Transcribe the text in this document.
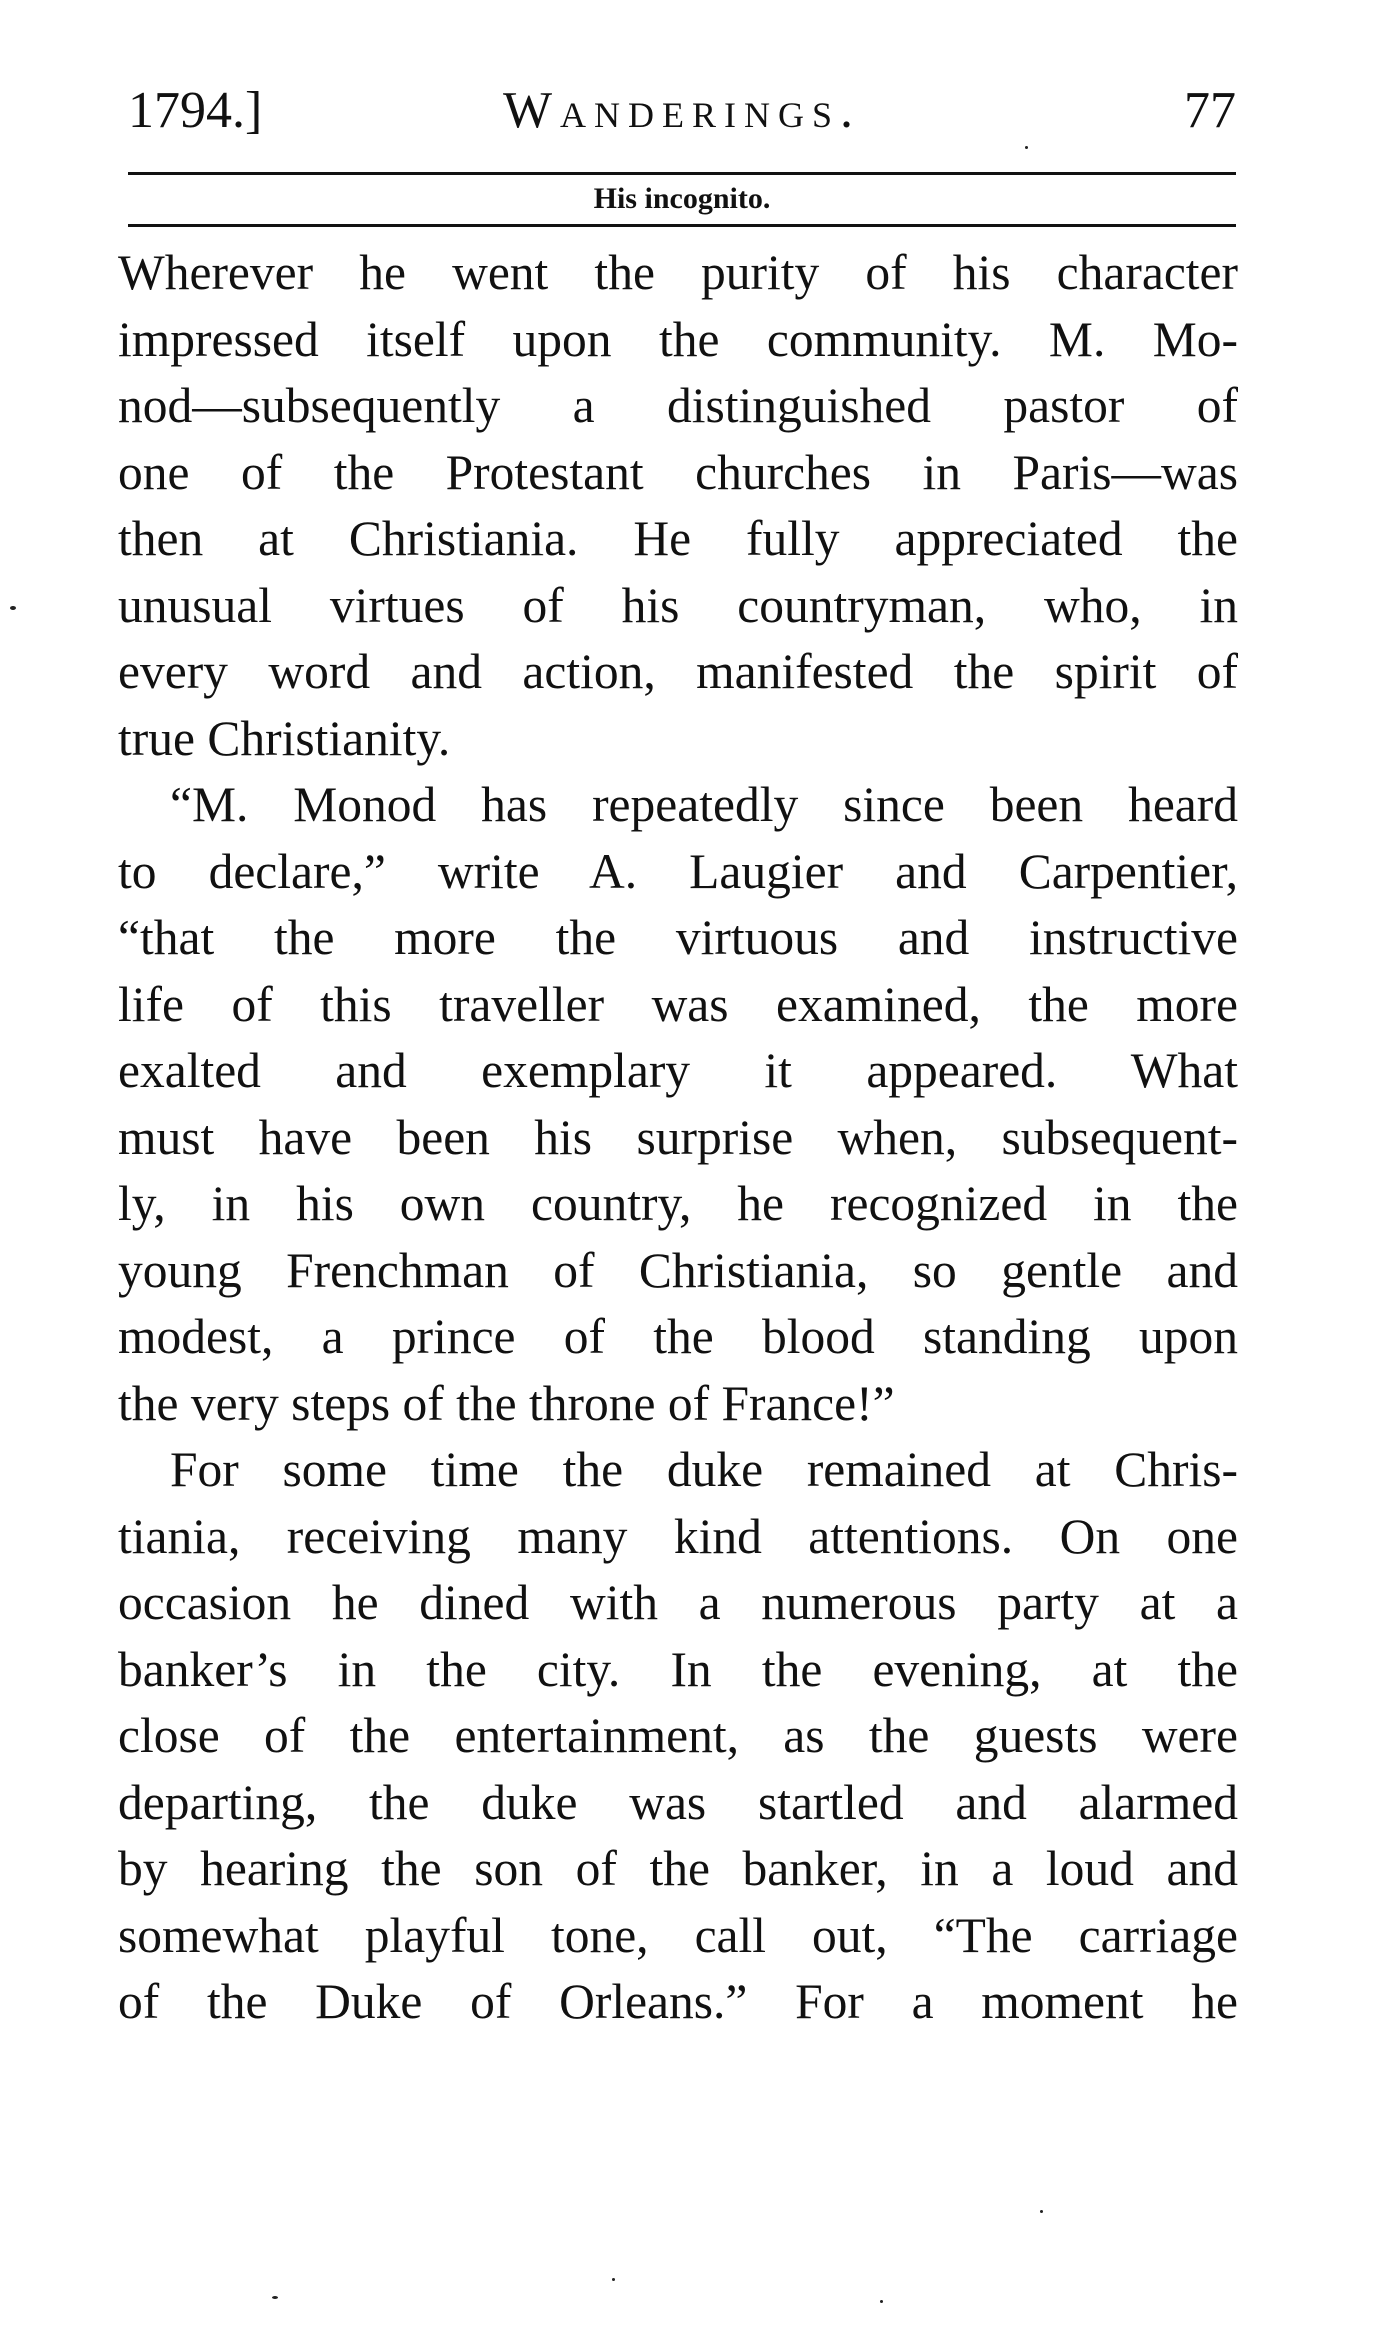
1794.]	Wanderings.	77
His incognito.

Wherever he went the purity of his character
impressed itself upon the community. M. Mo-
nod—subsequently a distinguished pastor of
one of the Protestant churches in Paris—was
then at Christiania. He fully appreciated the
unusual virtues of his countryman, who, in
every word and action, manifested the spirit of
true Christianity.

“M. Monod has repeatedly since been heard
to declare,” write A. Laugier and Carpentier,
“that the more the virtuous and instructive
life of this traveller was examined, the more
exalted and exemplary it appeared. What
must have been his surprise when, subsequent-
ly, in his own country, he recognized in the
young Frenchman of Christiania, so gentle and
modest, a prince of the blood standing upon
the very steps of the throne of France!”

For some time the duke remained at Chris-
tiania, receiving many kind attentions. On one
occasion he dined with a numerous party at a
banker’s in the city. In the evening, at the
close of the entertainment, as the guests were
departing, the duke was startled and alarmed
by hearing the son of the banker, in a loud and
somewhat playful tone, call out, “The carriage
of the Duke of Orleans.” For a moment he
